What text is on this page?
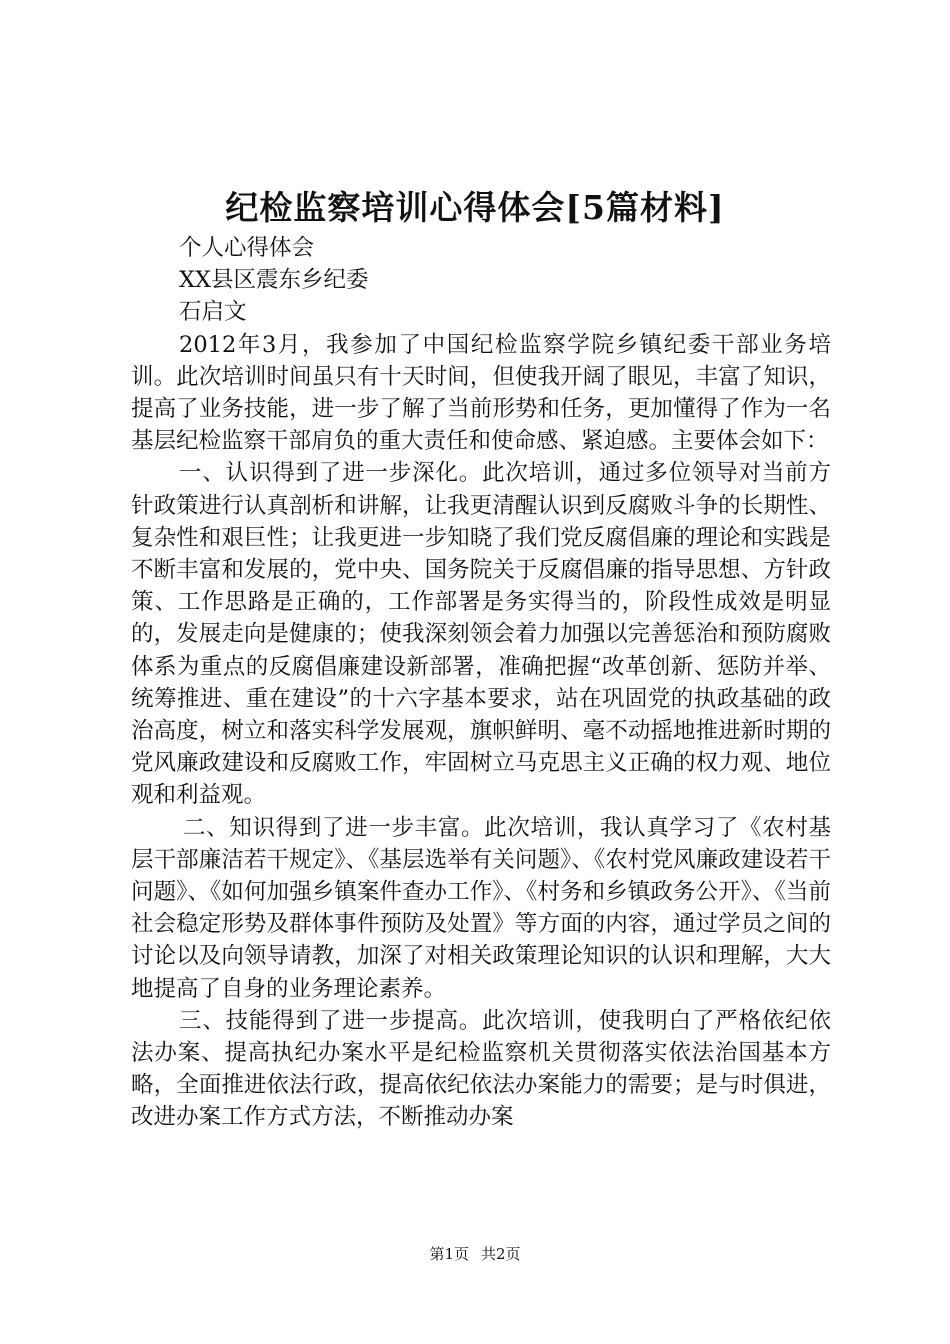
纪检监察培训心得体会[5篇材料]

个人心得体会

XX县区震东乡纪委

石启文

2012年3月，我参加了中国纪检监察学院乡镇纪委干部业务培训。此次培训时间虽只有十天时间，但使我开阔了眼见，丰富了知识，提高了业务技能，进一步了解了当前形势和任务，更加懂得了作为一名基层纪检监察干部肩负的重大责任和使命感、紧迫感。主要体会如下：

一、认识得到了进一步深化。此次培训，通过多位领导对当前方针政策进行认真剖析和讲解，让我更清醒认识到反腐败斗争的长期性、复杂性和艰巨性；让我更进一步知晓了我们党反腐倡廉的理论和实践是不断丰富和发展的，党中央、国务院关于反腐倡廉的指导思想、方针政策、工作思路是正确的，工作部署是务实得当的，阶段性成效是明显的，发展走向是健康的；使我深刻领会着力加强以完善惩治和预防腐败体系为重点的反腐倡廉建设新部署，准确把握“改革创新、惩防并举、统筹推进、重在建设”的十六字基本要求，站在巩固党的执政基础的政治高度，树立和落实科学发展观，旗帜鲜明、毫不动摇地推进新时期的党风廉政建设和反腐败工作，牢固树立马克思主义正确的权力观、地位观和利益观。

二、知识得到了进一步丰富。此次培训，我认真学习了《农村基层干部廉洁若干规定》、《基层选举有关问题》、《农村党风廉政建设若干问题》、《如何加强乡镇案件查办工作》、《村务和乡镇政务公开》、《当前社会稳定形势及群体事件预防及处置》等方面的内容，通过学员之间的讨论以及向领导请教，加深了对相关政策理论知识的认识和理解，大大地提高了自身的业务理论素养。

三、技能得到了进一步提高。此次培训，使我明白了严格依纪依法办案、提高执纪办案水平是纪检监察机关贯彻落实依法治国基本方略，全面推进依法行政，提高依纪依法办案能力的需要；是与时俱进，改进办案工作方式方法，不断推动办案

第1页 共2页
